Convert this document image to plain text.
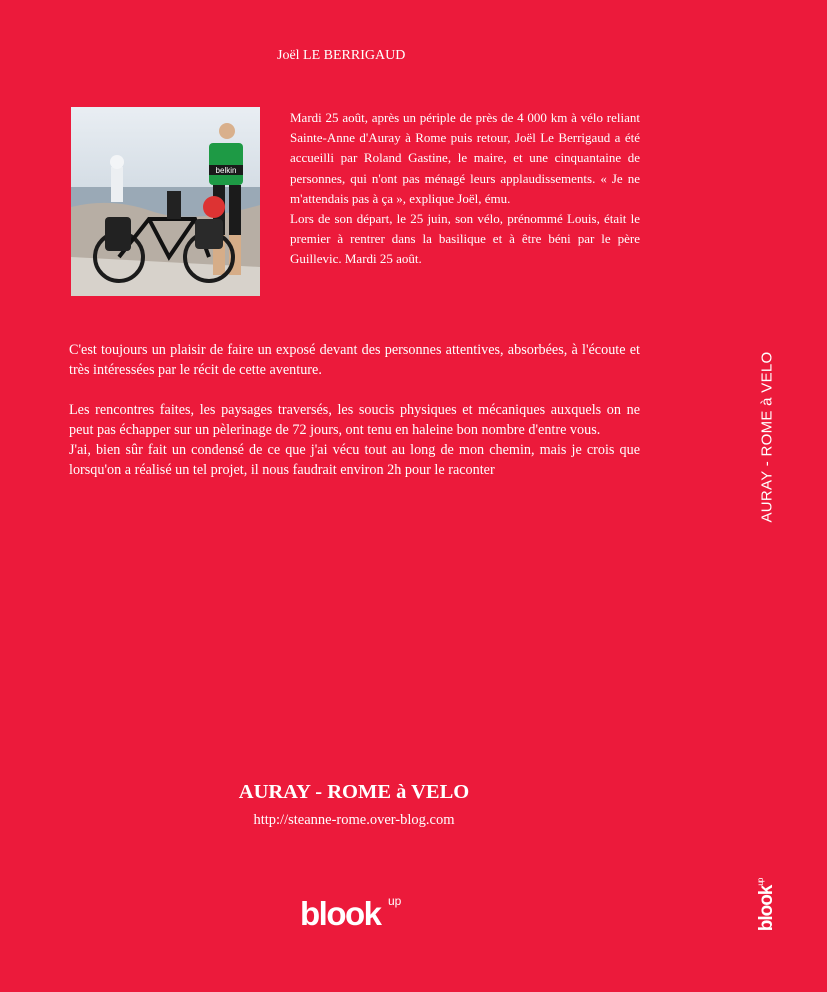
Joël LE BERRIGAUD
belkin

Mardi 25 août, après un périple de près de 4 000 km à vélo reliant Sainte-Anne d'Auray à Rome puis retour, Joël Le Berrigaud a été accueilli par Roland Gastine, le maire, et une cinquantaine de personnes, qui n'ont pas ménagé leurs applaudissements. « Je ne m'attendais pas à ça », explique Joël, ému.

Lors de son départ, le 25 juin, son vélo, prénommé Louis, était le premier à rentrer dans la basilique et à être béni par le père Guillevic. Mardi 25 août.

C'est toujours un plaisir de faire un exposé devant des personnes attentives, absorbées, à l'écoute et très intéressées par le récit de cette aventure.

Les rencontres faites, les paysages traversés, les soucis physiques et mécaniques auxquels on ne peut pas échapper sur un pèlerinage de 72 jours, ont tenu en haleine bon nombre d'entre vous.

J'ai, bien sûr fait un condensé de ce que j'ai vécu tout au long de mon chemin, mais je crois que lorsqu'on a réalisé un tel projet, il nous faudrait environ 2h pour le raconter

AURAY - ROME à VELO
http://steanne-rome.over-blog.com
blook up
AURAY - ROME à VELO
blook$^{up}$
